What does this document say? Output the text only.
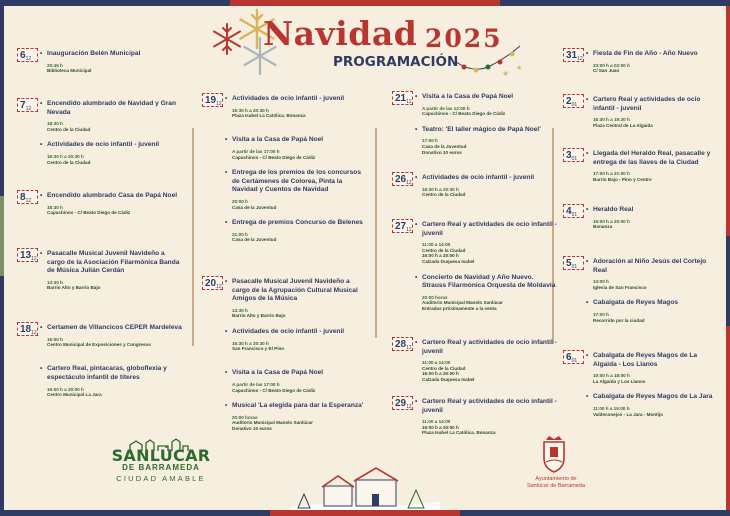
Navidad 2025
PROGRAMACIÓN
★
★
$6^{12}$
• Inauguración Belén Municipal
20:45 h
Biblioteca Municipal
$7^{12}$
• Encendido alumbrado de Navidad y Gran Nevada
18:30 h
Centro de la Ciudad
• Actividades de ocio infantil - juvenil
16:30 h a 20:30 h
Centro de la Ciudad
$8^{12}$
• Encendido alumbrado Casa de Papá Noel
18:30 h
Capuchinos - C/ Beato Diego de Cádiz
$13^{12}$
• Pasacalle Musical Juvenil Navideño a cargo de la Asociación Filarmónica Banda de Música Julián Cerdán
13:30 h
Barrio Alto y Barrio Bajo
$18^{12}$
• Certamen de Villancicos CEPER Mardeleva
16:00 h
Centro Municipal de Exposiciones y Congresos
• Cartero Real, pintacaras, globoflexia y espectáculo infantil de títeres
16:00 h a 20:00 h
Centro Municipal La Jara
$19^{12}$
• Actividades de ocio infantil - juvenil
16:30 h a 20:30 h
Plaza Isabel La Católica. Bonanza
• Visita a la Casa de Papá Noel
A partir de las 17:00 h
Capuchinos - C/ Beato Diego de Cádiz
• Entrega de los premios de los concursos de Certámenes de Colorea, Pinta la Navidad y Cuentos de Navidad
20:00 h
Casa de la Juventud
• Entrega de premios Concurso de Belenes
21:00 h
Casa de la Juventud
$20^{12}$
• Pasacalle Musical Juvenil Navideño a cargo de la Agrupación Cultural Musical Amigos de la Música
13:30 h
Barrio Alto y Barrio Bajo
• Actividades de ocio infantil - juvenil
16:30 h a 20:30 h
San Francisco y El Pino
• Visita a la Casa de Papá Noel
A partir de las 17:00 h
Capuchinos - C/ Beato Diego de Cádiz
• Musical 'La elegida para dar la Esperanza'
20:00 horas
Auditorio Municipal Manolo Sanlúcar
Donativo 10 euros
$21^{12}$
• Visita a la Casa de Papá Noel
A partir de las 12:00 h
Capuchinos - C/ Beato Diego de Cádiz
• Teatro: 'El taller mágico de Papá Noel'
17:00 h
Casa de la Juventud
Donativo 10 euros
$26^{12}$
• Actividades de ocio infantil - juvenil
16:30 h a 20:30 h
Centro de la Ciudad
$27^{12}$
• Cartero Real y actividades de ocio infantil - juvenil
11:00 a 14:00
Centro de la Ciudad
16:00 h a 20:00 h
Calzada Duquesa Isabel
• Concierto de Navidad y Año Nuevo. Strauss Filarmónica Orquesta de Moldavia
20:00 horas
Auditorio Municipal Manolo Sanlúcar
Entradas próximamente a la venta
$28^{12}$
• Cartero Real y actividades de ocio infantil - juvenil
11:00 a 14:00
Centro de la Ciudad
16:00 h a 20:00 h
Calzada Duquesa Isabel
$29^{12}$
• Cartero Real y actividades de ocio infantil - juvenil
11:00 a 14:00
16:00 h a 20:00 h
Plaza Isabel La Católica. Bonanza
$31^{12}$
• Fiesta de Fin de Año - Año Nuevo
23:00 h a 02:00 h
C/ San Juan
$2^{01}$
• Cartero Real y actividades de ocio infantil - juvenil
16:30 h a 19:30 h
Plaza Central de La Algaida
$3^{01}$
• Llegada del Heraldo Real, pasacalle y entrega de las llaves de la Ciudad
17:00 h a 21:00 h
Barrio Bajo - Pino y Centro
$4^{01}$
• Heraldo Real
16:00 h a 20:00 h
Bonanza
$5^{01}$
• Adoración al Niño Jesús del Cortejo Real
13:00 h
Iglesia de San Francisco
• Cabalgata de Reyes Magos
17:00 h
Recorrido por la ciudad
$6^{01}$
• Cabalgata de Reyes Magos de La Algaida - Los Llanos
10:00 h a 18:00 h
La Algaida y Los Llanos
• Cabalgata de Reyes Magos de La Jara
11:00 h a 15:00 h
Valdeconejos - La Jara - Montijo
SANLÚCAR
DE BARRAMEDA
CIUDAD AMABLE	Ayuntamiento de
Sanlúcar de Barrameda
